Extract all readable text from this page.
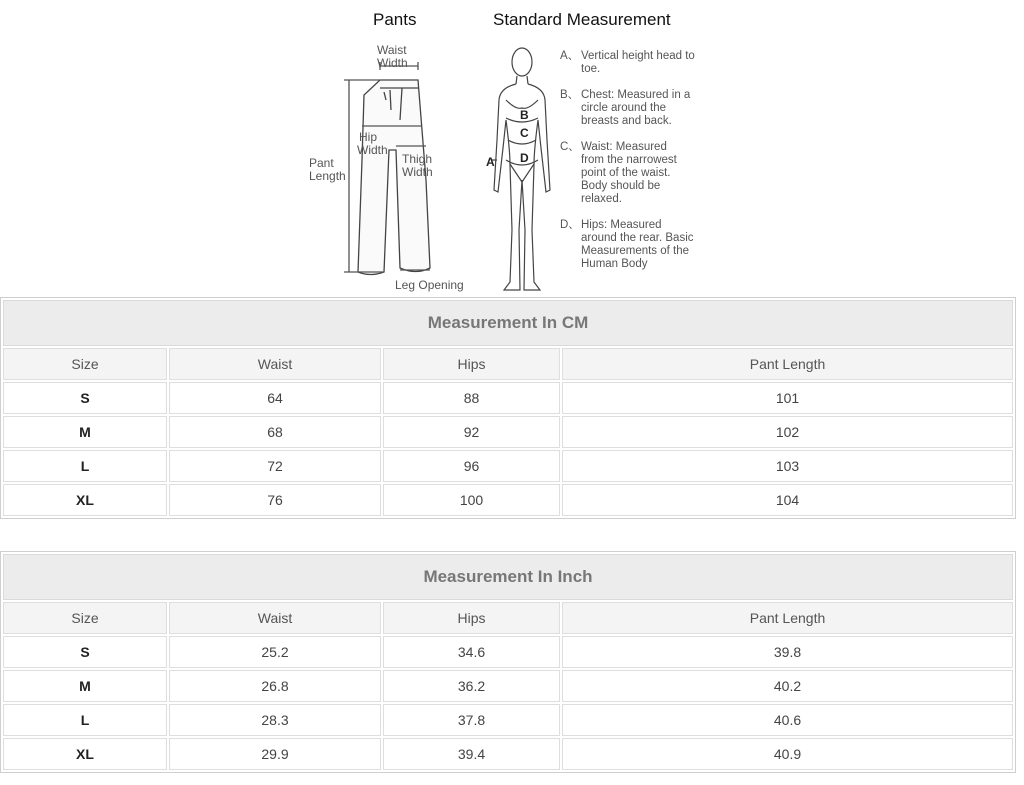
Pants	Standard Measurement
Waist
Width
Hip
Width
Thigh
Width
Pant
Length
Leg Opening
A
B
C
D
A、 Vertical height head to toe.
B、 Chest: Measured in a circle around the breasts and back.
C、 Waist: Measured from the narrowest point of the waist. Body should be relaxed.
D、 Hips: Measured around the rear. Basic Measurements of the Human Body
Measurement In CM
Size	Waist	Hips	Pant Length
S	64	88	101
M	68	92	102
L	72	96	103
XL	76	100	104
Measurement In Inch
Size	Waist	Hips	Pant Length
S	25.2	34.6	39.8
M	26.8	36.2	40.2
L	28.3	37.8	40.6
XL	29.9	39.4	40.9
